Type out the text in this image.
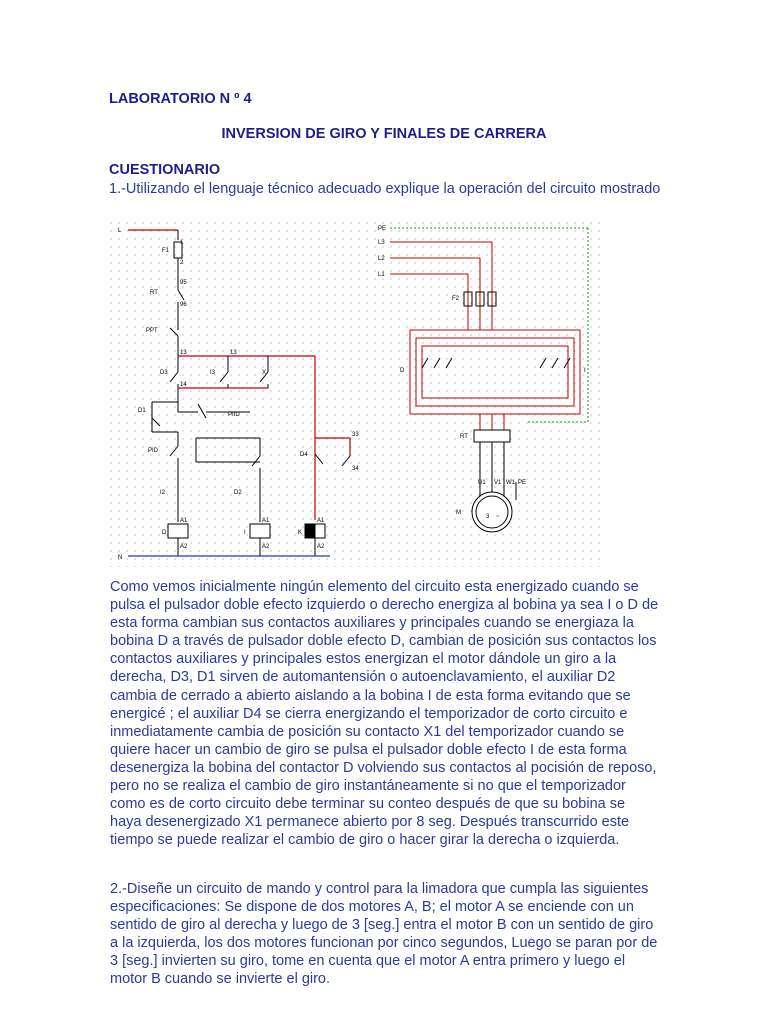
LABORATORIO N º 4
INVERSION DE GIRO Y FINALES DE CARRERA
CUESTIONARIO
1.-Utilizando el lenguaje técnico adecuado explique la operación del circuito mostrado
L
F1
RT
PPT
D3	I3	X
D1
PIID
PID
D4
I2	D2
D	I	K
A1
A2
A1
A2
A1
A2
13	13
14
1
2
95
96
33
34
N
PE
L3
L2
L1
F2
D	I
RT
U1 V1 W1 PE
M
3 ~
Como vemos inicialmente ningún elemento del circuito esta energizado cuando se pulsa el pulsador doble efecto izquierdo o derecho energiza al bobina ya sea I o D de esta forma cambian sus contactos auxiliares y principales cuando se energiaza la bobina D a través de pulsador doble efecto D, cambian de posición sus contactos los contactos auxiliares y principales estos energizan el motor dándole un giro a la derecha, D3, D1 sirven de automantensión o autoenclavamiento, el auxiliar D2 cambia de cerrado a abierto aislando a la bobina I de esta forma evitando que se energicé ; el auxiliar D4 se cierra energizando el temporizador de corto circuito e inmediatamente cambia de posición su contacto X1 del temporizador cuando se quiere hacer un cambio de giro se pulsa el pulsador doble efecto I de esta forma desenergiza la bobina del contactor D volviendo sus contactos al pocisión de reposo, pero no se realiza el cambio de giro instantáneamente si no que el temporizador como es de corto circuito debe terminar su conteo después de que su bobina se haya desenergizado X1 permanece abierto por 8 seg. Después transcurrido este tiempo se puede realizar el cambio de giro o hacer girar la derecha o izquierda.
2.-Diseñe un circuito de mando y control para la limadora que cumpla las siguientes especificaciones: Se dispone de dos motores A, B; el motor A se enciende con un sentido de giro al derecha y luego de 3 [seg.] entra el motor B con un sentido de giro a la izquierda, los dos motores funcionan por cinco segundos, Luego se paran por de 3 [seg.] invierten su giro, tome en cuenta que el motor A entra primero y luego el motor B cuando se invierte el giro.
